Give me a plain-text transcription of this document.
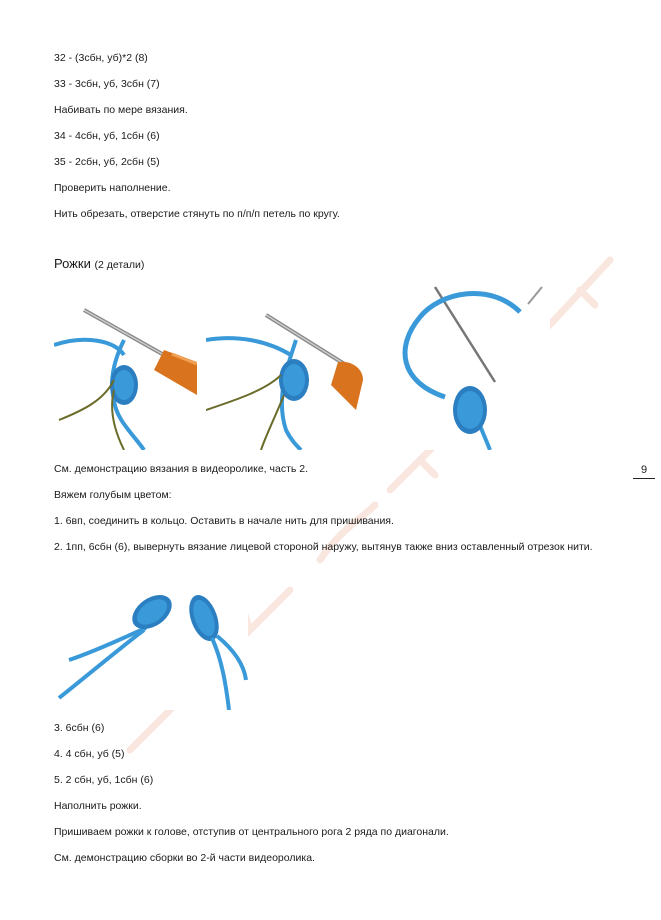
32 - (3сбн, уб)*2 (8)
33 - 3сбн, уб, 3сбн (7)
Набивать по мере вязания.
34 - 4сбн, уб, 1сбн (6)
35 - 2сбн, уб, 2сбн (5)
Проверить наполнение.
Нить обрезать, отверстие стянуть по п/п/п петель по кругу.
Рожки (2 детали)
См. демонстрацию вязания в видеоролике, часть 2.
Вяжем голубым цветом:
1. 6вп, соединить в кольцо. Оставить в начале нить для пришивания.
2. 1пп, 6сбн (6), вывернуть вязание лицевой стороной наружу, вытянув также вниз оставленный отрезок нити.
9
3. 6сбн (6)
4. 4 сбн, уб (5)
5. 2 сбн, уб, 1сбн (6)
Наполнить рожки.
Пришиваем рожки к голове, отступив от центрального рога 2 ряда по диагонали.
См. демонстрацию сборки во 2-й части видеоролика.
